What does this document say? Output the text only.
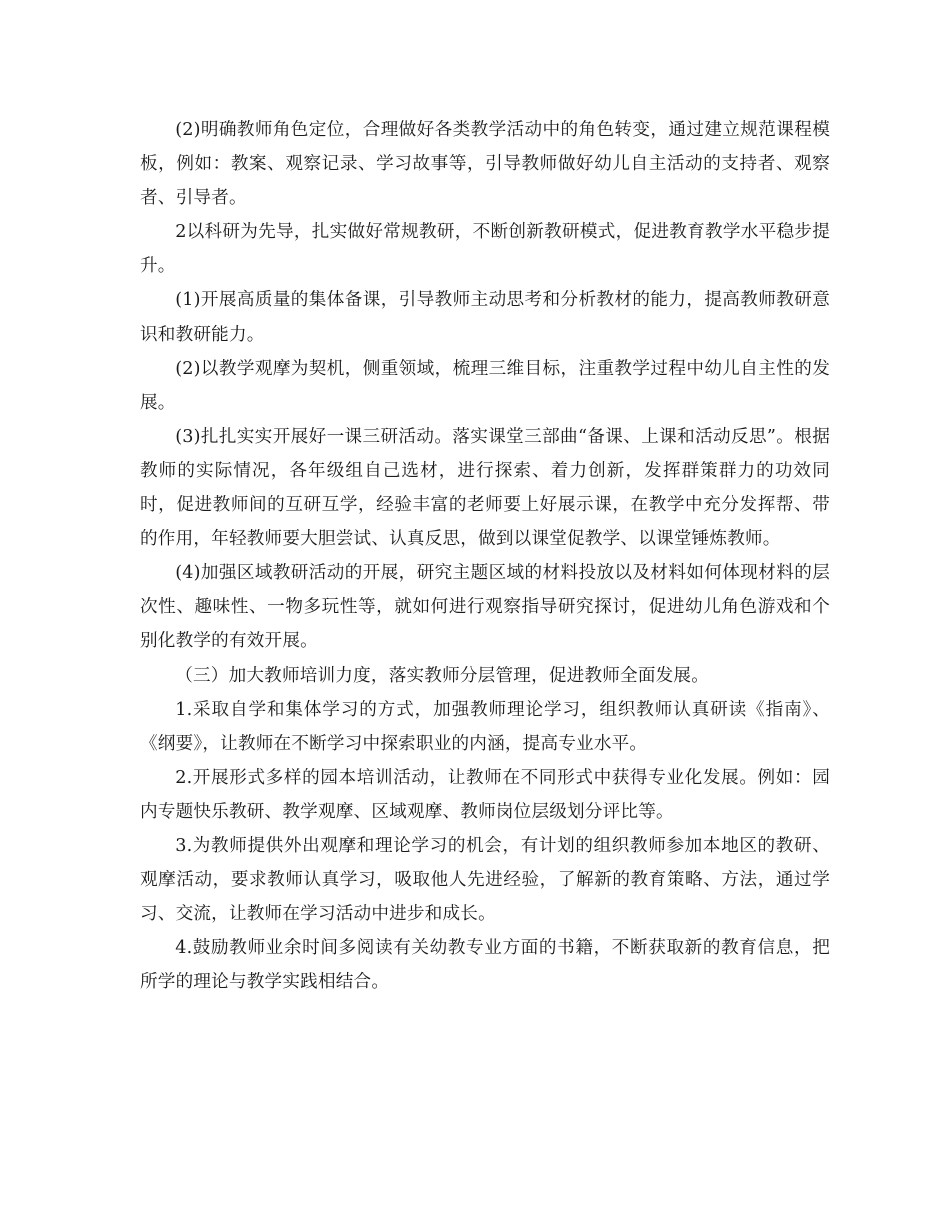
(2)明确教师角色定位，合理做好各类教学活动中的角色转变，通过建立规范课程模板，例如：教案、观察记录、学习故事等，引导教师做好幼儿自主活动的支持者、观察者、引导者。

2以科研为先导，扎实做好常规教研，不断创新教研模式，促进教育教学水平稳步提升。

(1)开展高质量的集体备课，引导教师主动思考和分析教材的能力，提高教师教研意识和教研能力。

(2)以教学观摩为契机，侧重领域，梳理三维目标，注重教学过程中幼儿自主性的发展。

(3)扎扎实实开展好一课三研活动。落实课堂三部曲“备课、上课和活动反思”。根据教师的实际情况，各年级组自己选材，进行探索、着力创新，发挥群策群力的功效同时，促进教师间的互研互学，经验丰富的老师要上好展示课，在教学中充分发挥帮、带的作用，年轻教师要大胆尝试、认真反思，做到以课堂促教学、以课堂锤炼教师。

(4)加强区域教研活动的开展，研究主题区域的材料投放以及材料如何体现材料的层次性、趣味性、一物多玩性等，就如何进行观察指导研究探讨，促进幼儿角色游戏和个别化教学的有效开展。

（三）加大教师培训力度，落实教师分层管理，促进教师全面发展。

1.采取自学和集体学习的方式，加强教师理论学习，组织教师认真研读《指南》、《纲要》，让教师在不断学习中探索职业的内涵，提高专业水平。

2.开展形式多样的园本培训活动，让教师在不同形式中获得专业化发展。例如：园内专题快乐教研、教学观摩、区域观摩、教师岗位层级划分评比等。

3.为教师提供外出观摩和理论学习的机会，有计划的组织教师参加本地区的教研、观摩活动，要求教师认真学习，吸取他人先进经验，了解新的教育策略、方法，通过学习、交流，让教师在学习活动中进步和成长。

4.鼓励教师业余时间多阅读有关幼教专业方面的书籍，不断获取新的教育信息，把所学的理论与教学实践相结合。
